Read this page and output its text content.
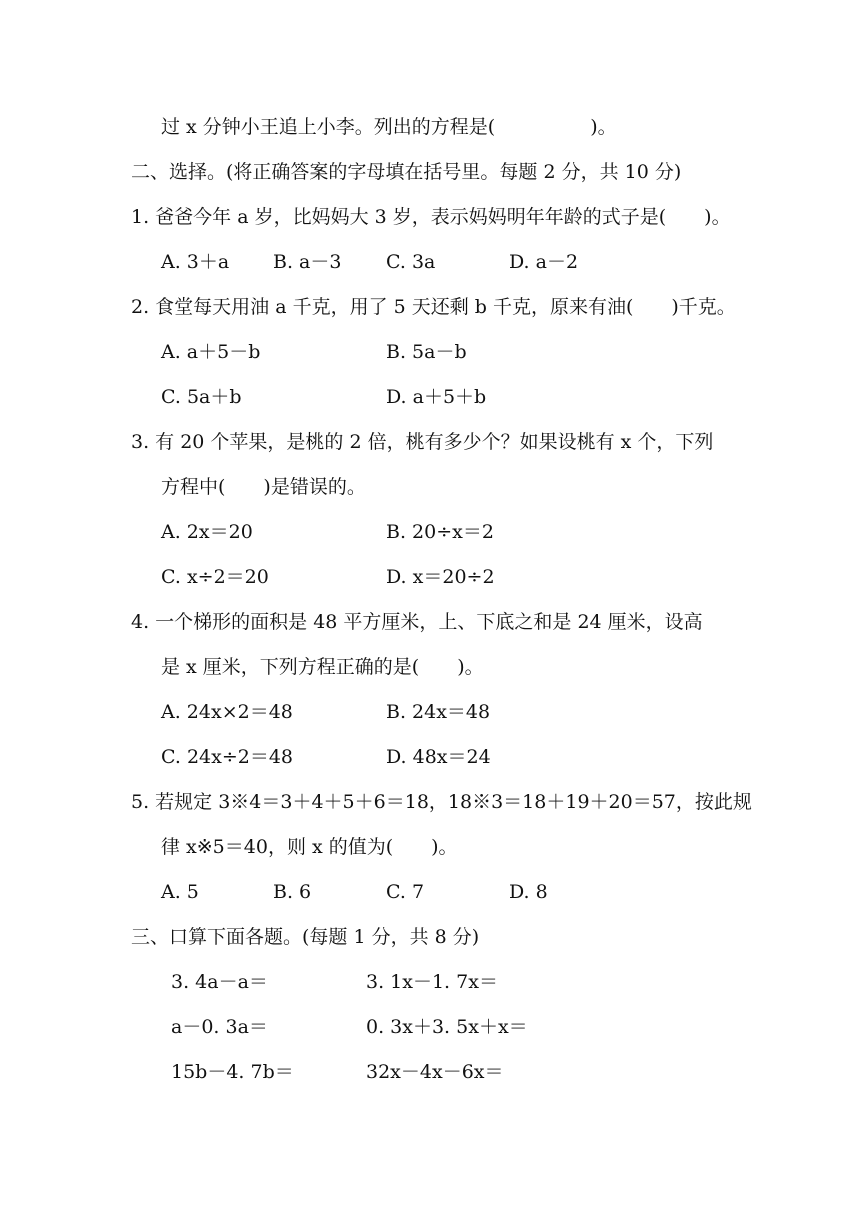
过 x 分钟小王追上小李。列出的方程是(　　　　　)。
二、选择。(将正确答案的字母填在括号里。每题 2 分，共 10 分)
1. 爸爸今年 a 岁，比妈妈大 3 岁，表示妈妈明年年龄的式子是(　　)。
A. 3＋a B. a－3 C. 3a	D. a－2
2. 食堂每天用油 a 千克，用了 5 天还剩 b 千克，原来有油(　　)千克。
A. a＋5－b	B. 5a－b
C. 5a＋b	D. a＋5＋b
3. 有 20 个苹果，是桃的 2 倍，桃有多少个？如果设桃有 x 个，下列
方程中(　　)是错误的。
A. 2x＝20	B. 20÷x＝2
C. x÷2＝20	D. x＝20÷2
4. 一个梯形的面积是 48 平方厘米，上、下底之和是 24 厘米，设高
是 x 厘米，下列方程正确的是(　　)。
A. 24x×2＝48	B. 24x＝48
C. 24x÷2＝48	D. 48x＝24
5. 若规定 3※4＝3＋4＋5＋6＝18，18※3＝18＋19＋20＝57，按此规
律 x※5＝40，则 x 的值为(　　)。
A. 5	B. 6	C. 7	D. 8
三、口算下面各题。(每题 1 分，共 8 分)
3. 4a－a＝	3. 1x－1. 7x＝
a－0. 3a＝	0. 3x＋3. 5x＋x＝
15b－4. 7b＝	32x－4x－6x＝
